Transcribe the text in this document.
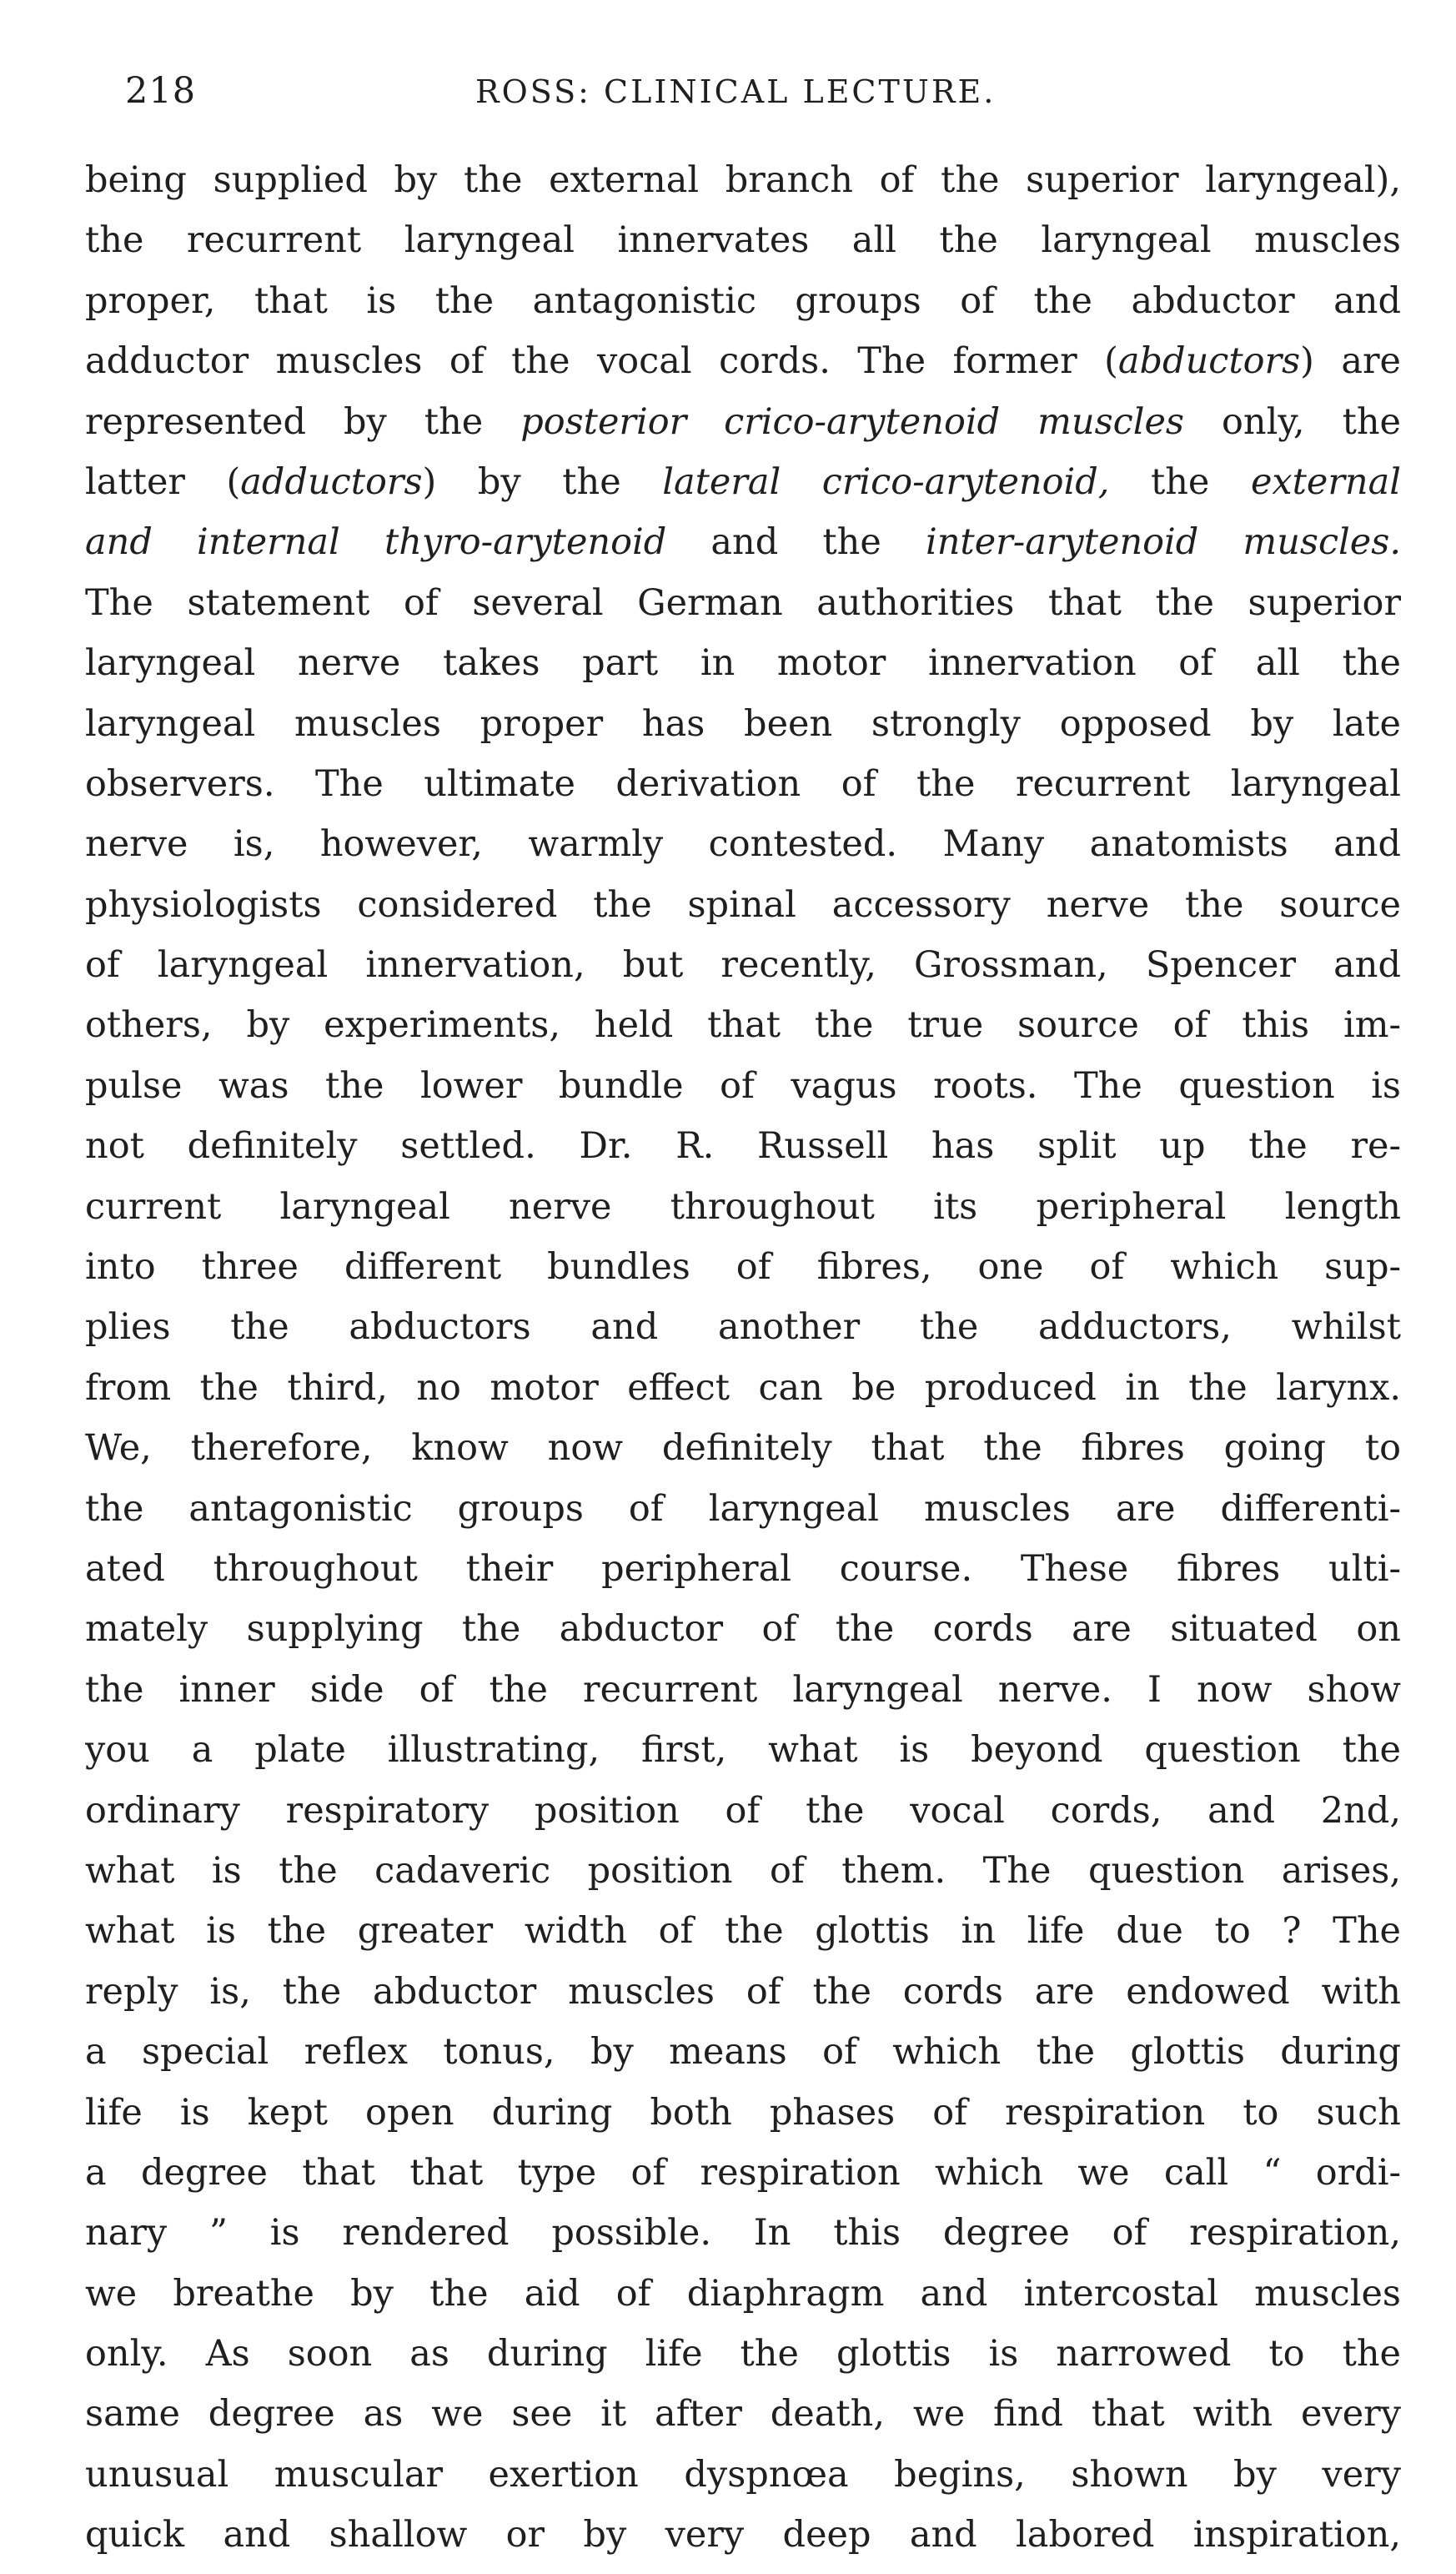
218	ROSS: CLINICAL LECTURE.
being supplied by the external branch of the superior laryngeal),
the recurrent laryngeal innervates all the laryngeal muscles
proper, that is the antagonistic groups of the abductor and
adductor muscles of the vocal cords. The former (abductors) are
represented by the posterior crico-arytenoid muscles only, the
latter (adductors) by the lateral crico-arytenoid, the external
and internal thyro-arytenoid and the inter-arytenoid muscles.
The statement of several German authorities that the superior
laryngeal nerve takes part in motor innervation of all the
laryngeal muscles proper has been strongly opposed by late
observers. The ultimate derivation of the recurrent laryngeal
nerve is, however, warmly contested. Many anatomists and
physiologists considered the spinal accessory nerve the source
of laryngeal innervation, but recently, Grossman, Spencer and
others, by experiments, held that the true source of this im-
pulse was the lower bundle of vagus roots. The question is
not definitely settled. Dr. R. Russell has split up the re-
current laryngeal nerve throughout its peripheral length
into three different bundles of fibres, one of which sup-
plies the abductors and another the adductors, whilst
from the third, no motor effect can be produced in the larynx.
We, therefore, know now definitely that the fibres going to
the antagonistic groups of laryngeal muscles are differenti-
ated throughout their peripheral course. These fibres ulti-
mately supplying the abductor of the cords are situated on
the inner side of the recurrent laryngeal nerve. I now show
you a plate illustrating, first, what is beyond question the
ordinary respiratory position of the vocal cords, and 2nd,
what is the cadaveric position of them. The question arises,
what is the greater width of the glottis in life due to ? The
reply is, the abductor muscles of the cords are endowed with
a special reflex tonus, by means of which the glottis during
life is kept open during both phases of respiration to such
a degree that that type of respiration which we call “ ordi-
nary ” is rendered possible. In this degree of respiration,
we breathe by the aid of diaphragm and intercostal muscles
only. As soon as during life the glottis is narrowed to the
same degree as we see it after death, we find that with every
unusual muscular exertion dyspnœa begins, shown by very
quick and shallow or by very deep and labored inspiration,
